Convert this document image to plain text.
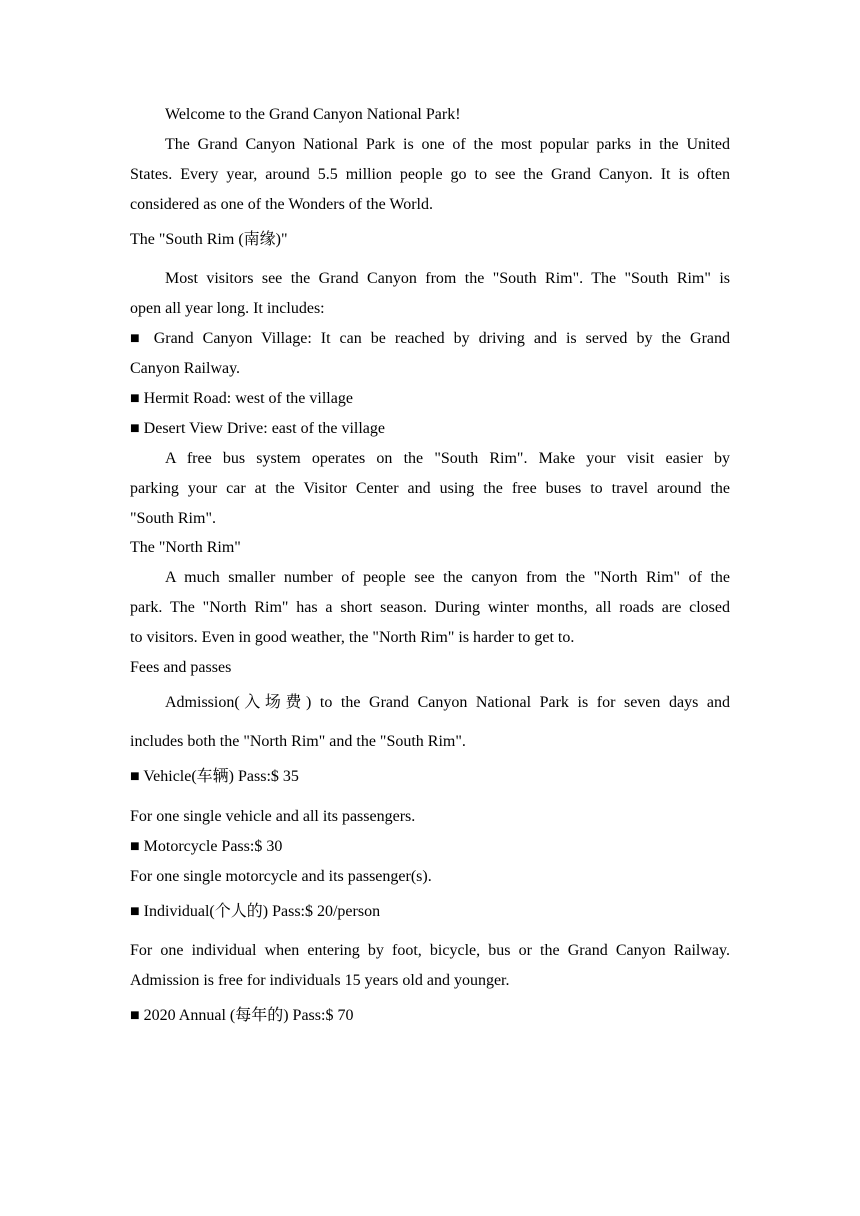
Welcome to the Grand Canyon National Park!
The Grand Canyon National Park is one of the most popular parks in the United
States. Every year, around 5.5 million people go to see the Grand Canyon. It is often
considered as one of the Wonders of the World.
The "South Rim (南缘)"
Most visitors see the Grand Canyon from the "South Rim". The "South Rim" is
open all year long. It includes:
■ Grand Canyon Village: It can be reached by driving and is served by the Grand
Canyon Railway.
■ Hermit Road: west of the village
■ Desert View Drive: east of the village
A free bus system operates on the "South Rim". Make your visit easier by
parking your car at the Visitor Center and using the free buses to travel around the
"South Rim".
The "North Rim"
A much smaller number of people see the canyon from the "North Rim" of the
park. The "North Rim" has a short season. During winter months, all roads are closed
to visitors. Even in good weather, the "North Rim" is harder to get to.
Fees and passes
Admission(入场费) to the Grand Canyon National Park is for seven days and
includes both the "North Rim" and the "South Rim".
■ Vehicle(车辆) Pass:$ 35
For one single vehicle and all its passengers.
■ Motorcycle Pass:$ 30
For one single motorcycle and its passenger(s).
■ Individual(个人的) Pass:$ 20/person
For one individual when entering by foot, bicycle, bus or the Grand Canyon Railway.
Admission is free for individuals 15 years old and younger.
■ 2020 Annual (每年的) Pass:$ 70
